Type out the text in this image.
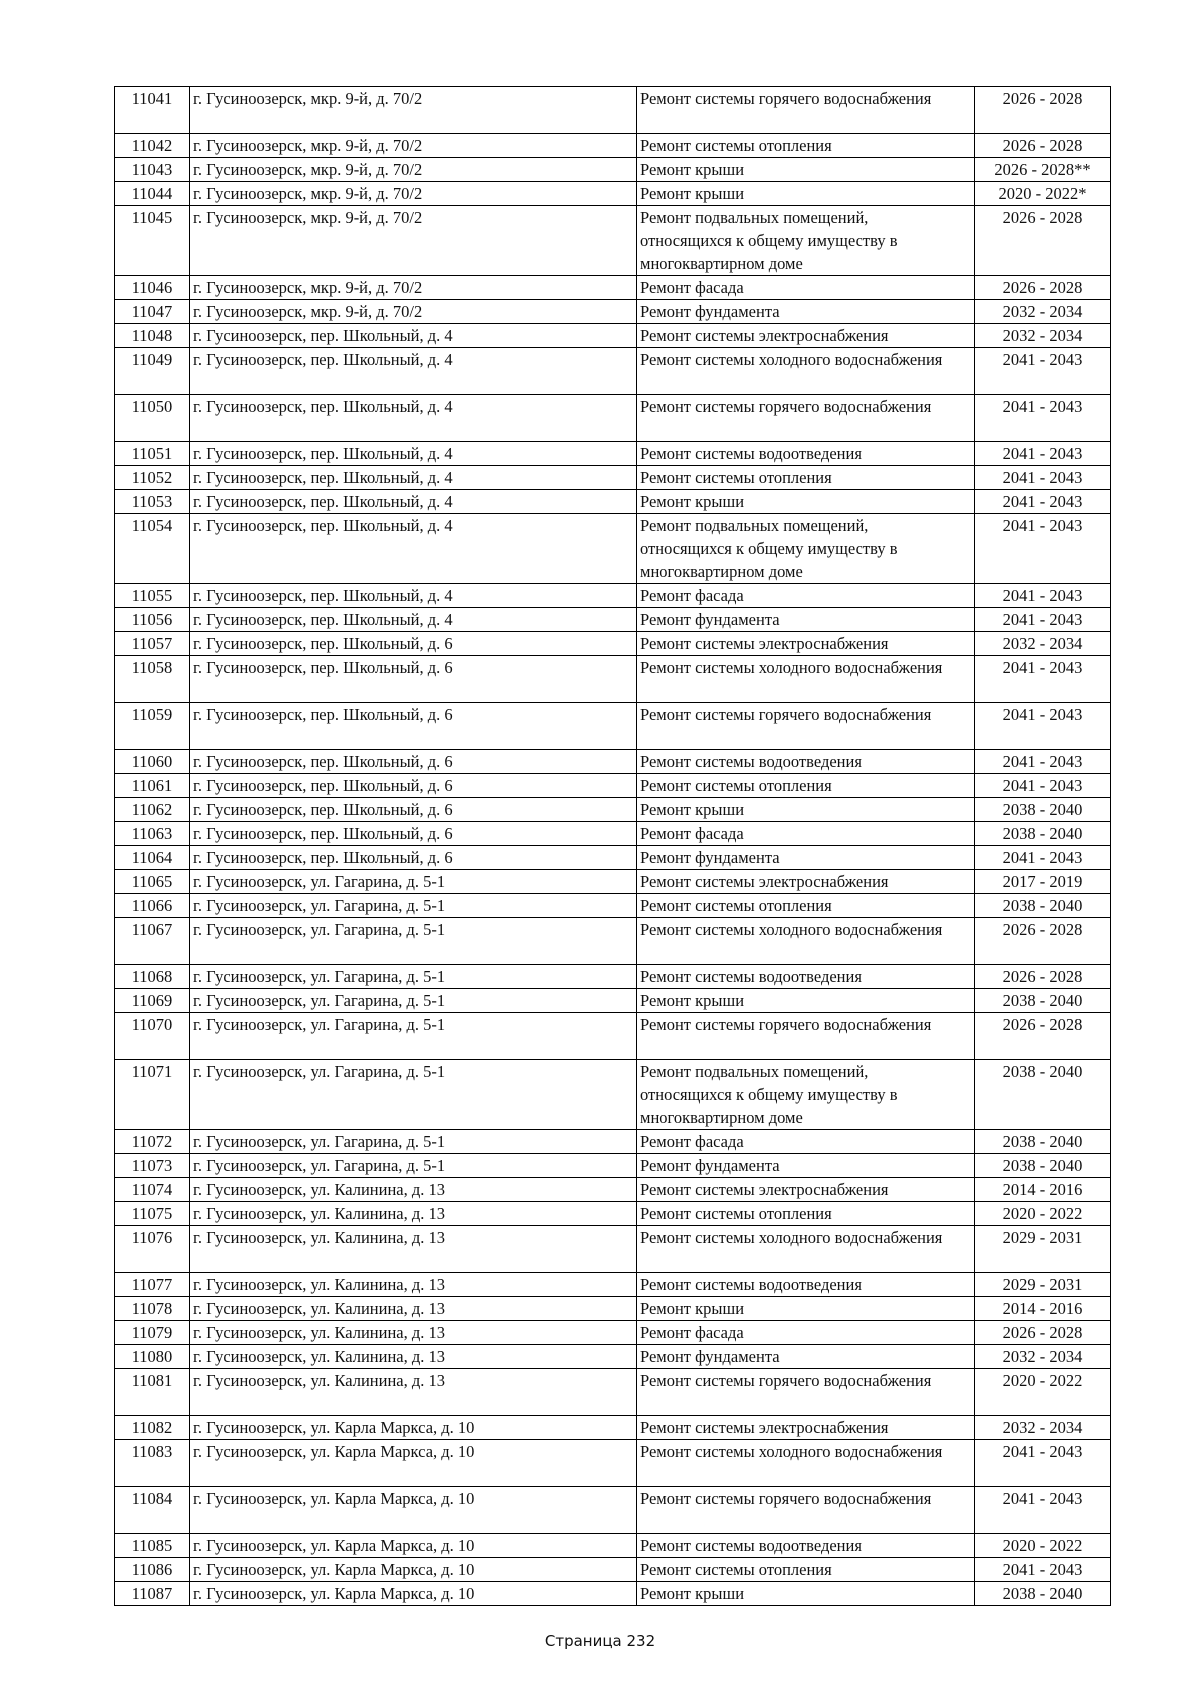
11041	г. Гусиноозерск, мкр. 9-й, д. 70/2	Ремонт системы горячего водоснабжения	2026 - 2028
11042	г. Гусиноозерск, мкр. 9-й, д. 70/2	Ремонт системы отопления	2026 - 2028
11043	г. Гусиноозерск, мкр. 9-й, д. 70/2	Ремонт крыши	2026 - 2028**
11044	г. Гусиноозерск, мкр. 9-й, д. 70/2	Ремонт крыши	2020 - 2022*
11045	г. Гусиноозерск, мкр. 9-й, д. 70/2	Ремонт подвальных помещений,
относящихся к общему имуществу в
многоквартирном доме	2026 - 2028
11046	г. Гусиноозерск, мкр. 9-й, д. 70/2	Ремонт фасада	2026 - 2028
11047	г. Гусиноозерск, мкр. 9-й, д. 70/2	Ремонт фундамента	2032 - 2034
11048	г. Гусиноозерск, пер. Школьный, д. 4	Ремонт системы электроснабжения	2032 - 2034
11049	г. Гусиноозерск, пер. Школьный, д. 4	Ремонт системы холодного водоснабжения	2041 - 2043
11050	г. Гусиноозерск, пер. Школьный, д. 4	Ремонт системы горячего водоснабжения	2041 - 2043
11051	г. Гусиноозерск, пер. Школьный, д. 4	Ремонт системы водоотведения	2041 - 2043
11052	г. Гусиноозерск, пер. Школьный, д. 4	Ремонт системы отопления	2041 - 2043
11053	г. Гусиноозерск, пер. Школьный, д. 4	Ремонт крыши	2041 - 2043
11054	г. Гусиноозерск, пер. Школьный, д. 4	Ремонт подвальных помещений,
относящихся к общему имуществу в
многоквартирном доме	2041 - 2043
11055	г. Гусиноозерск, пер. Школьный, д. 4	Ремонт фасада	2041 - 2043
11056	г. Гусиноозерск, пер. Школьный, д. 4	Ремонт фундамента	2041 - 2043
11057	г. Гусиноозерск, пер. Школьный, д. 6	Ремонт системы электроснабжения	2032 - 2034
11058	г. Гусиноозерск, пер. Школьный, д. 6	Ремонт системы холодного водоснабжения	2041 - 2043
11059	г. Гусиноозерск, пер. Школьный, д. 6	Ремонт системы горячего водоснабжения	2041 - 2043
11060	г. Гусиноозерск, пер. Школьный, д. 6	Ремонт системы водоотведения	2041 - 2043
11061	г. Гусиноозерск, пер. Школьный, д. 6	Ремонт системы отопления	2041 - 2043
11062	г. Гусиноозерск, пер. Школьный, д. 6	Ремонт крыши	2038 - 2040
11063	г. Гусиноозерск, пер. Школьный, д. 6	Ремонт фасада	2038 - 2040
11064	г. Гусиноозерск, пер. Школьный, д. 6	Ремонт фундамента	2041 - 2043
11065	г. Гусиноозерск, ул. Гагарина, д. 5-1	Ремонт системы электроснабжения	2017 - 2019
11066	г. Гусиноозерск, ул. Гагарина, д. 5-1	Ремонт системы отопления	2038 - 2040
11067	г. Гусиноозерск, ул. Гагарина, д. 5-1	Ремонт системы холодного водоснабжения	2026 - 2028
11068	г. Гусиноозерск, ул. Гагарина, д. 5-1	Ремонт системы водоотведения	2026 - 2028
11069	г. Гусиноозерск, ул. Гагарина, д. 5-1	Ремонт крыши	2038 - 2040
11070	г. Гусиноозерск, ул. Гагарина, д. 5-1	Ремонт системы горячего водоснабжения	2026 - 2028
11071	г. Гусиноозерск, ул. Гагарина, д. 5-1	Ремонт подвальных помещений,
относящихся к общему имуществу в
многоквартирном доме	2038 - 2040
11072	г. Гусиноозерск, ул. Гагарина, д. 5-1	Ремонт фасада	2038 - 2040
11073	г. Гусиноозерск, ул. Гагарина, д. 5-1	Ремонт фундамента	2038 - 2040
11074	г. Гусиноозерск, ул. Калинина, д. 13	Ремонт системы электроснабжения	2014 - 2016
11075	г. Гусиноозерск, ул. Калинина, д. 13	Ремонт системы отопления	2020 - 2022
11076	г. Гусиноозерск, ул. Калинина, д. 13	Ремонт системы холодного водоснабжения	2029 - 2031
11077	г. Гусиноозерск, ул. Калинина, д. 13	Ремонт системы водоотведения	2029 - 2031
11078	г. Гусиноозерск, ул. Калинина, д. 13	Ремонт крыши	2014 - 2016
11079	г. Гусиноозерск, ул. Калинина, д. 13	Ремонт фасада	2026 - 2028
11080	г. Гусиноозерск, ул. Калинина, д. 13	Ремонт фундамента	2032 - 2034
11081	г. Гусиноозерск, ул. Калинина, д. 13	Ремонт системы горячего водоснабжения	2020 - 2022
11082	г. Гусиноозерск, ул. Карла Маркса, д. 10	Ремонт системы электроснабжения	2032 - 2034
11083	г. Гусиноозерск, ул. Карла Маркса, д. 10	Ремонт системы холодного водоснабжения	2041 - 2043
11084	г. Гусиноозерск, ул. Карла Маркса, д. 10	Ремонт системы горячего водоснабжения	2041 - 2043
11085	г. Гусиноозерск, ул. Карла Маркса, д. 10	Ремонт системы водоотведения	2020 - 2022
11086	г. Гусиноозерск, ул. Карла Маркса, д. 10	Ремонт системы отопления	2041 - 2043
11087	г. Гусиноозерск, ул. Карла Маркса, д. 10	Ремонт крыши	2038 - 2040
Страница 232
